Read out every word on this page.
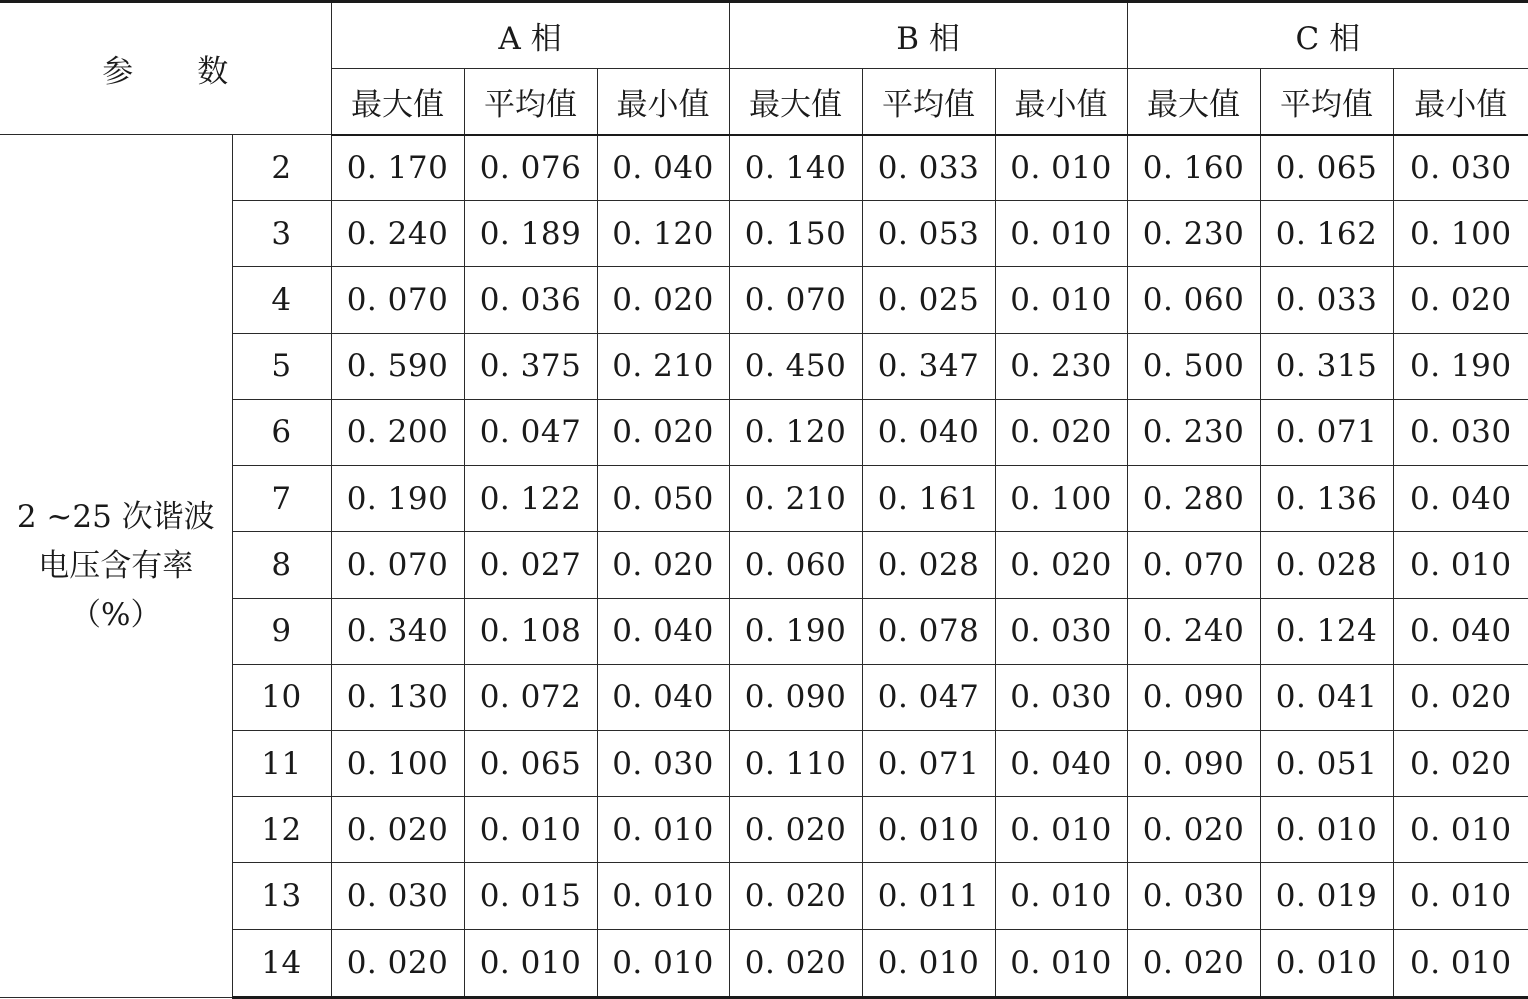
参 数		A 相			B 相			C 相		
		最大值	平均值	最小值	最大值	平均值	最小值	最大值	平均值	最小值

2 ~25 次谐波
电压含有率
（%）	2	0. 170	0. 076	0. 040	0. 140	0. 033	0. 010	0. 160	0. 065	0. 030
	3	0. 240	0. 189	0. 120	0. 150	0. 053	0. 010	0. 230	0. 162	0. 100
	4	0. 070	0. 036	0. 020	0. 070	0. 025	0. 010	0. 060	0. 033	0. 020
	5	0. 590	0. 375	0. 210	0. 450	0. 347	0. 230	0. 500	0. 315	0. 190
	6	0. 200	0. 047	0. 020	0. 120	0. 040	0. 020	0. 230	0. 071	0. 030
	7	0. 190	0. 122	0. 050	0. 210	0. 161	0. 100	0. 280	0. 136	0. 040
	8	0. 070	0. 027	0. 020	0. 060	0. 028	0. 020	0. 070	0. 028	0. 010
	9	0. 340	0. 108	0. 040	0. 190	0. 078	0. 030	0. 240	0. 124	0. 040
	10	0. 130	0. 072	0. 040	0. 090	0. 047	0. 030	0. 090	0. 041	0. 020
	11	0. 100	0. 065	0. 030	0. 110	0. 071	0. 040	0. 090	0. 051	0. 020
	12	0. 020	0. 010	0. 010	0. 020	0. 010	0. 010	0. 020	0. 010	0. 010
	13	0. 030	0. 015	0. 010	0. 020	0. 011	0. 010	0. 030	0. 019	0. 010
	14	0. 020	0. 010	0. 010	0. 020	0. 010	0. 010	0. 020	0. 010	0. 010
